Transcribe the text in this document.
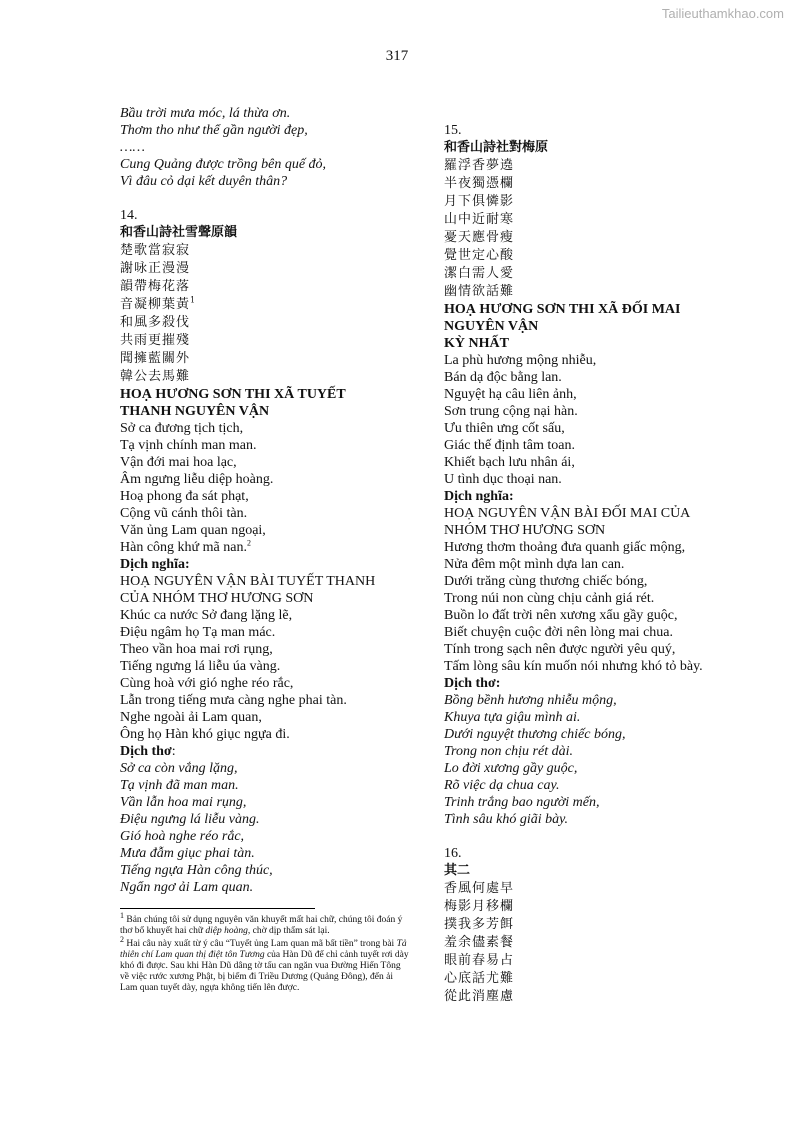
Tailieuthamkhao.com
317
Bầu trời mưa móc, lá thừa ơn.
Thơm tho như thể gần người đẹp,
……
Cung Quảng được trồng bên quế đỏ,
Vì đâu cỏ dại kết duyên thân?
14.
和香山詩社雪聲原韻
楚歌當寂寂
謝咏正漫漫
韻帶梅花落
音凝柳葉黃$^1$
和風多殺伐
共雨更摧殘
聞擁藍關外
韓公去馬難
HOẠ HƯƠNG SƠN THI XÃ TUYẾT
THANH NGUYÊN VẬN
Sở ca đương tịch tịch,
Tạ vịnh chính man man.
Vận đới mai hoa lạc,
Âm ngưng liễu diệp hoàng.
Hoạ phong đa sát phạt,
Cộng vũ cánh thôi tàn.
Văn ủng Lam quan ngoại,
Hàn công khứ mã nan.$^2$
Dịch nghĩa:
HOẠ NGUYÊN VẬN BÀI TUYẾT THANH
CỦA NHÓM THƠ HƯƠNG SƠN
Khúc ca nước Sở đang lặng lẽ,
Điệu ngâm họ Tạ man mác.
Theo vần hoa mai rơi rụng,
Tiếng ngưng lá liễu úa vàng.
Cùng hoà với gió nghe réo rắc,
Lẫn trong tiếng mưa càng nghe phai tàn.
Nghe ngoài ải Lam quan,
Ông họ Hàn khó giục ngựa đi.
Dịch thơ:
Sở ca còn vắng lặng,
Tạ vịnh đã man man.
Vần lẫn hoa mai rụng,
Điệu ngưng lá liễu vàng.
Gió hoà nghe réo rắc,
Mưa đẫm giục phai tàn.
Tiếng ngựa Hàn công thúc,
Ngẩn ngơ ải Lam quan.
$^1$ Bản chúng tôi sử dụng nguyên văn khuyết mất hai chữ, chúng tôi đoán ý thơ bổ khuyết hai chữ diệp hoàng, chờ dịp thẩm sát lại.
$^2$ Hai câu này xuất từ ý câu “Tuyết ủng Lam quan mã bất tiền” trong bài Tả thiên chí Lam quan thị điệt tôn Tương của Hàn Dũ để chỉ cảnh tuyết rơi dày khó đi được. Sau khi Hàn Dũ dâng tờ tấu can ngăn vua Đường Hiến Tông về việc rước xương Phật, bị biếm đi Triều Dương (Quảng Đông), đến ải Lam quan tuyết dày, ngựa không tiến lên được.
15.
和香山詩社對梅原
羅浮香夢遶
半夜獨憑欄
月下俱憐影
山中近耐寒
憂天應骨瘦
覺世定心酸
潔白需人愛
幽情欲話難
HOẠ HƯƠNG SƠN THI XÃ ĐỐI MAI
NGUYÊN VẬN
KỲ NHẤT
La phù hương mộng nhiễu,
Bán dạ độc bằng lan.
Nguyệt hạ câu liên ảnh,
Sơn trung cộng nại hàn.
Ưu thiên ưng cốt sấu,
Giác thế định tâm toan.
Khiết bạch lưu nhân ái,
U tình dục thoại nan.
Dịch nghĩa:
HOẠ NGUYÊN VẬN BÀI ĐỐI MAI CỦA
NHÓM THƠ HƯƠNG SƠN
Hương thơm thoảng đưa quanh giấc mộng,
Nửa đêm một mình dựa lan can.
Dưới trăng cùng thương chiếc bóng,
Trong núi non cùng chịu cảnh giá rét.
Buồn lo đất trời nên xương xẩu gầy guộc,
Biết chuyện cuộc đời nên lòng mai chua.
Tính trong sạch nên được người yêu quý,
Tấm lòng sâu kín muốn nói nhưng khó tỏ bày.
Dịch thơ:
Bồng bềnh hương nhiễu mộng,
Khuya tựa giậu mình ai.
Dưới nguyệt thương chiếc bóng,
Trong non chịu rét dài.
Lo đời xương gầy guộc,
Rõ việc dạ chua cay.
Trinh trắng bao người mến,
Tình sâu khó giãi bày.
16.
其二
香風何處早
梅影月移欄
撲我多芳餌
羞余儘素餐
眼前春易占
心底話尤難
從此消塵慮
